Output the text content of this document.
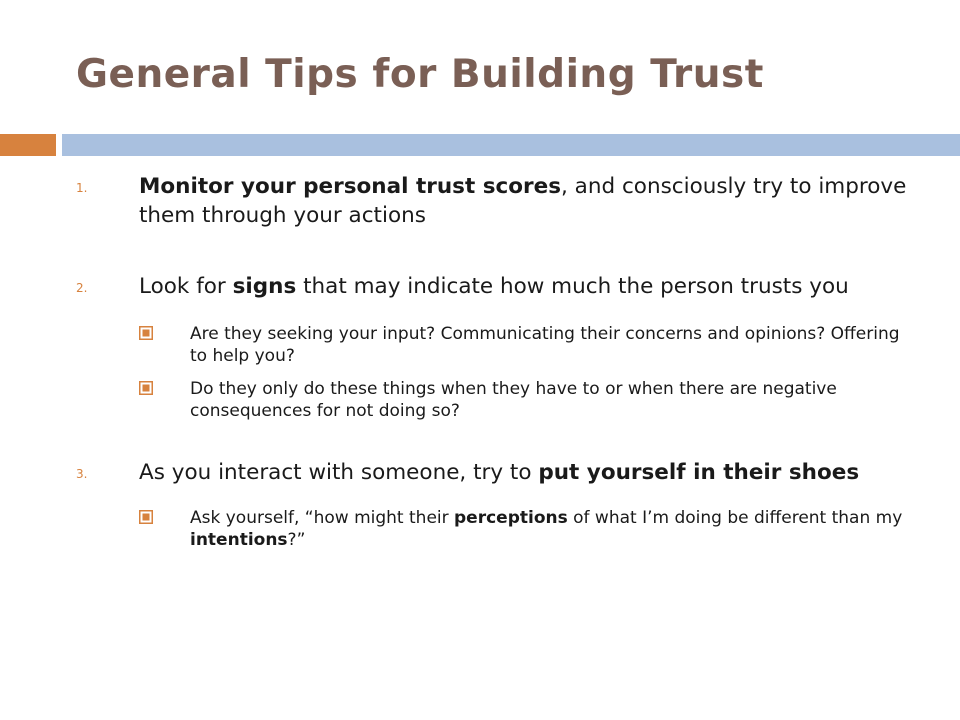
General Tips for Building Trust
1. Monitor your personal trust scores, and consciously try to improve them through your actions
2. Look for signs that may indicate how much the person trusts you
Are they seeking your input? Communicating their concerns and opinions? Offering to help you?
Do they only do these things when they have to or when there are negative consequences for not doing so?
3. As you interact with someone, try to put yourself in their shoes
Ask yourself, “how might their perceptions of what I’m doing be different than my intentions?”
